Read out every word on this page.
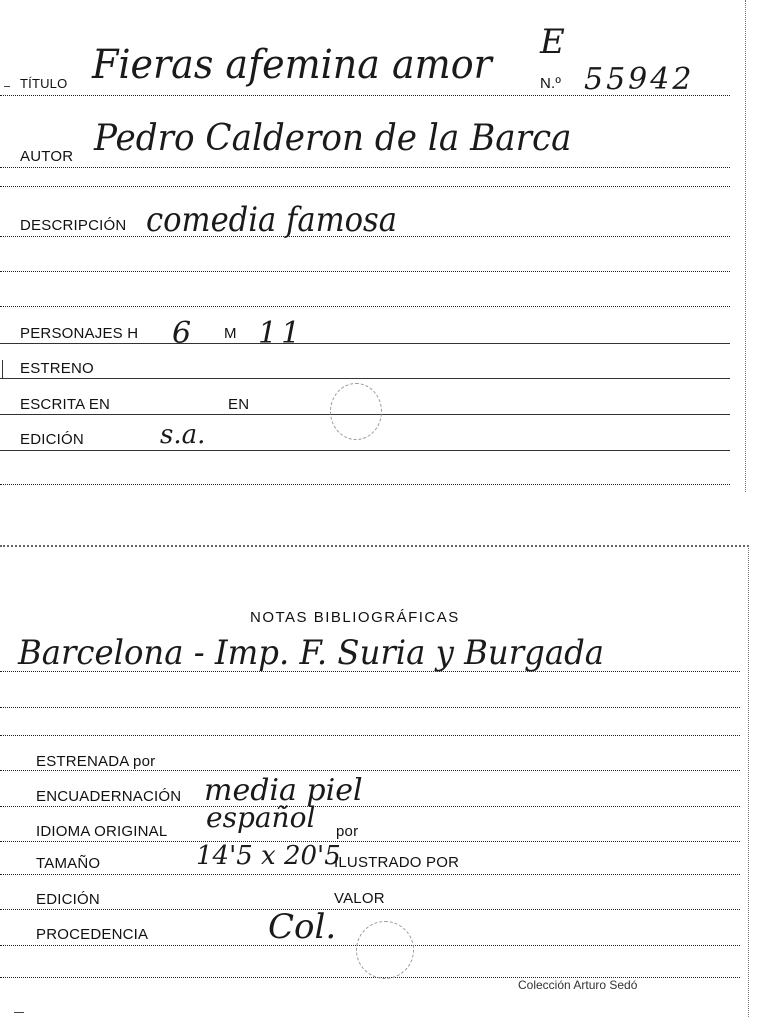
E
TÍTULO Fieras afemina amor	N.º 55942
AUTOR Pedro Calderon de la Barca
DESCRIPCIÓN comedia famosa
PERSONAJES H 6 M 11
ESTRENO
ESCRITA EN	EN
EDICIÓN	s.a.
NOTAS BIBLIOGRÁFICAS
Barcelona - Imp. F. Suria y Burgada
ESTRENADA por
ENCUADERNACIÓN media piel
IDIOMA ORIGINAL español por
TAMAÑO	14'5 x 20'5
ILUSTRADO POR
EDICIÓN	VALOR
PROCEDENCIA	Col.
Colección Arturo Sedó
